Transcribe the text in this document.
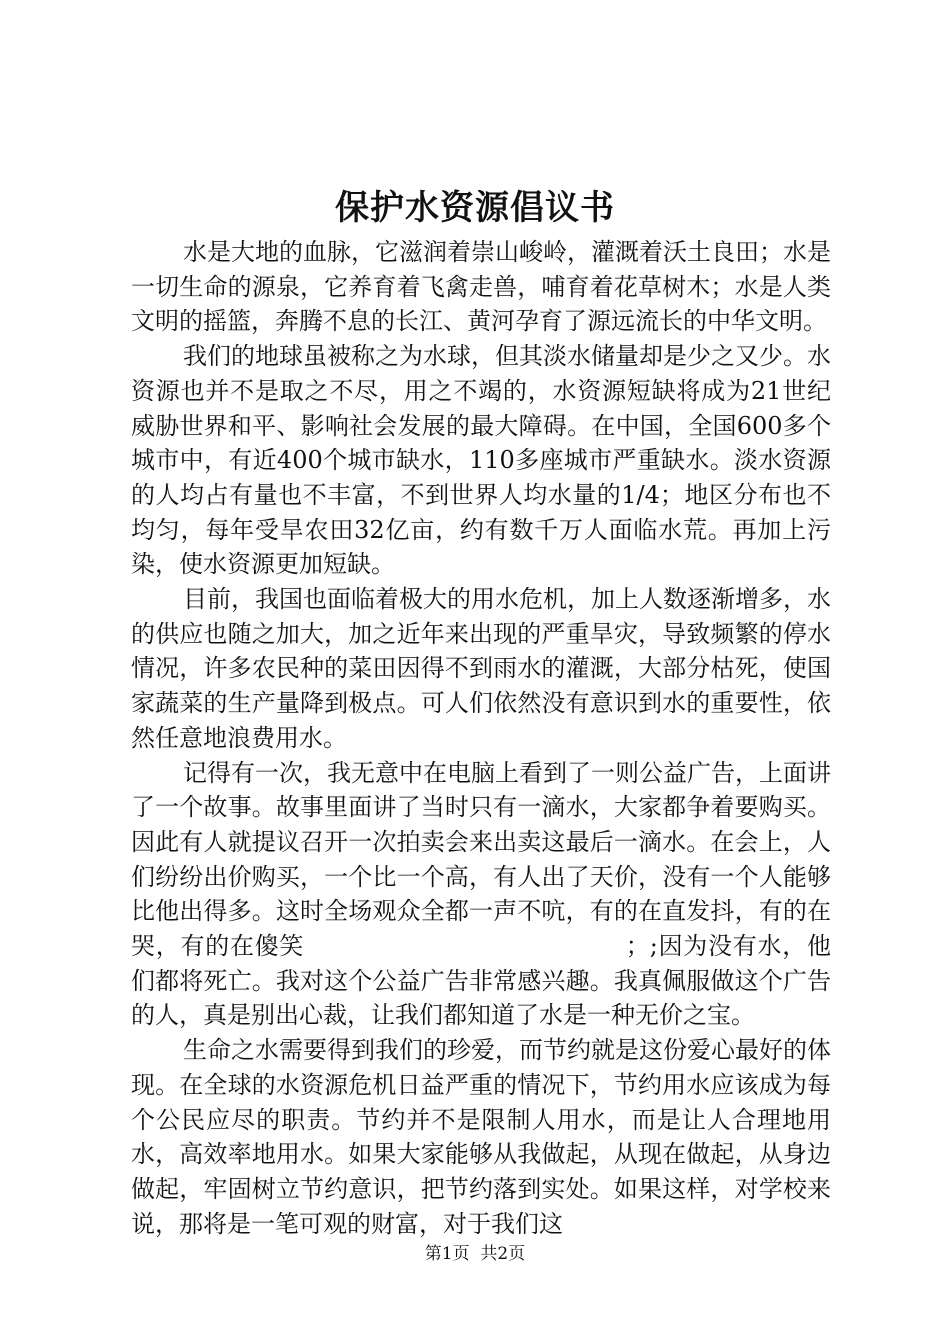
保护水资源倡议书

水是大地的血脉，它滋润着崇山峻岭，灌溉着沃土良田；水是一切生命的源泉，它养育着飞禽走兽，哺育着花草树木；水是人类文明的摇篮，奔腾不息的长江、黄河孕育了源远流长的中华文明。

我们的地球虽被称之为水球，但其淡水储量却是少之又少。水资源也并不是取之不尽，用之不竭的，水资源短缺将成为21世纪威胁世界和平、影响社会发展的最大障碍。在中国，全国600多个城市中，有近400个城市缺水，110多座城市严重缺水。淡水资源的人均占有量也不丰富，不到世界人均水量的1/4；地区分布也不均匀，每年受旱农田32亿亩，约有数千万人面临水荒。再加上污染，使水资源更加短缺。

目前，我国也面临着极大的用水危机，加上人数逐渐增多，水的供应也随之加大，加之近年来出现的严重旱灾，导致频繁的停水情况，许多农民种的菜田因得不到雨水的灌溉，大部分枯死，使国家蔬菜的生产量降到极点。可人们依然没有意识到水的重要性，依然任意地浪费用水。

记得有一次，我无意中在电脑上看到了一则公益广告，上面讲了一个故事。故事里面讲了当时只有一滴水，大家都争着要购买。因此有人就提议召开一次拍卖会来出卖这最后一滴水。在会上，人们纷纷出价购买，一个比一个高，有人出了天价，没有一个人能够比他出得多。这时全场观众全都一声不吭，有的在直发抖，有的在哭，有的在傻笑　　　　　　　　　　　　　；;因为没有水，他们都将死亡。我对这个公益广告非常感兴趣。我真佩服做这个广告的人，真是别出心裁，让我们都知道了水是一种无价之宝。

生命之水需要得到我们的珍爱，而节约就是这份爱心最好的体现。在全球的水资源危机日益严重的情况下，节约用水应该成为每个公民应尽的职责。节约并不是限制人用水，而是让人合理地用水，高效率地用水。如果大家能够从我做起，从现在做起，从身边做起，牢固树立节约意识，把节约落到实处。如果这样，对学校来说，那将是一笔可观的财富，对于我们这

第1页  共2页
